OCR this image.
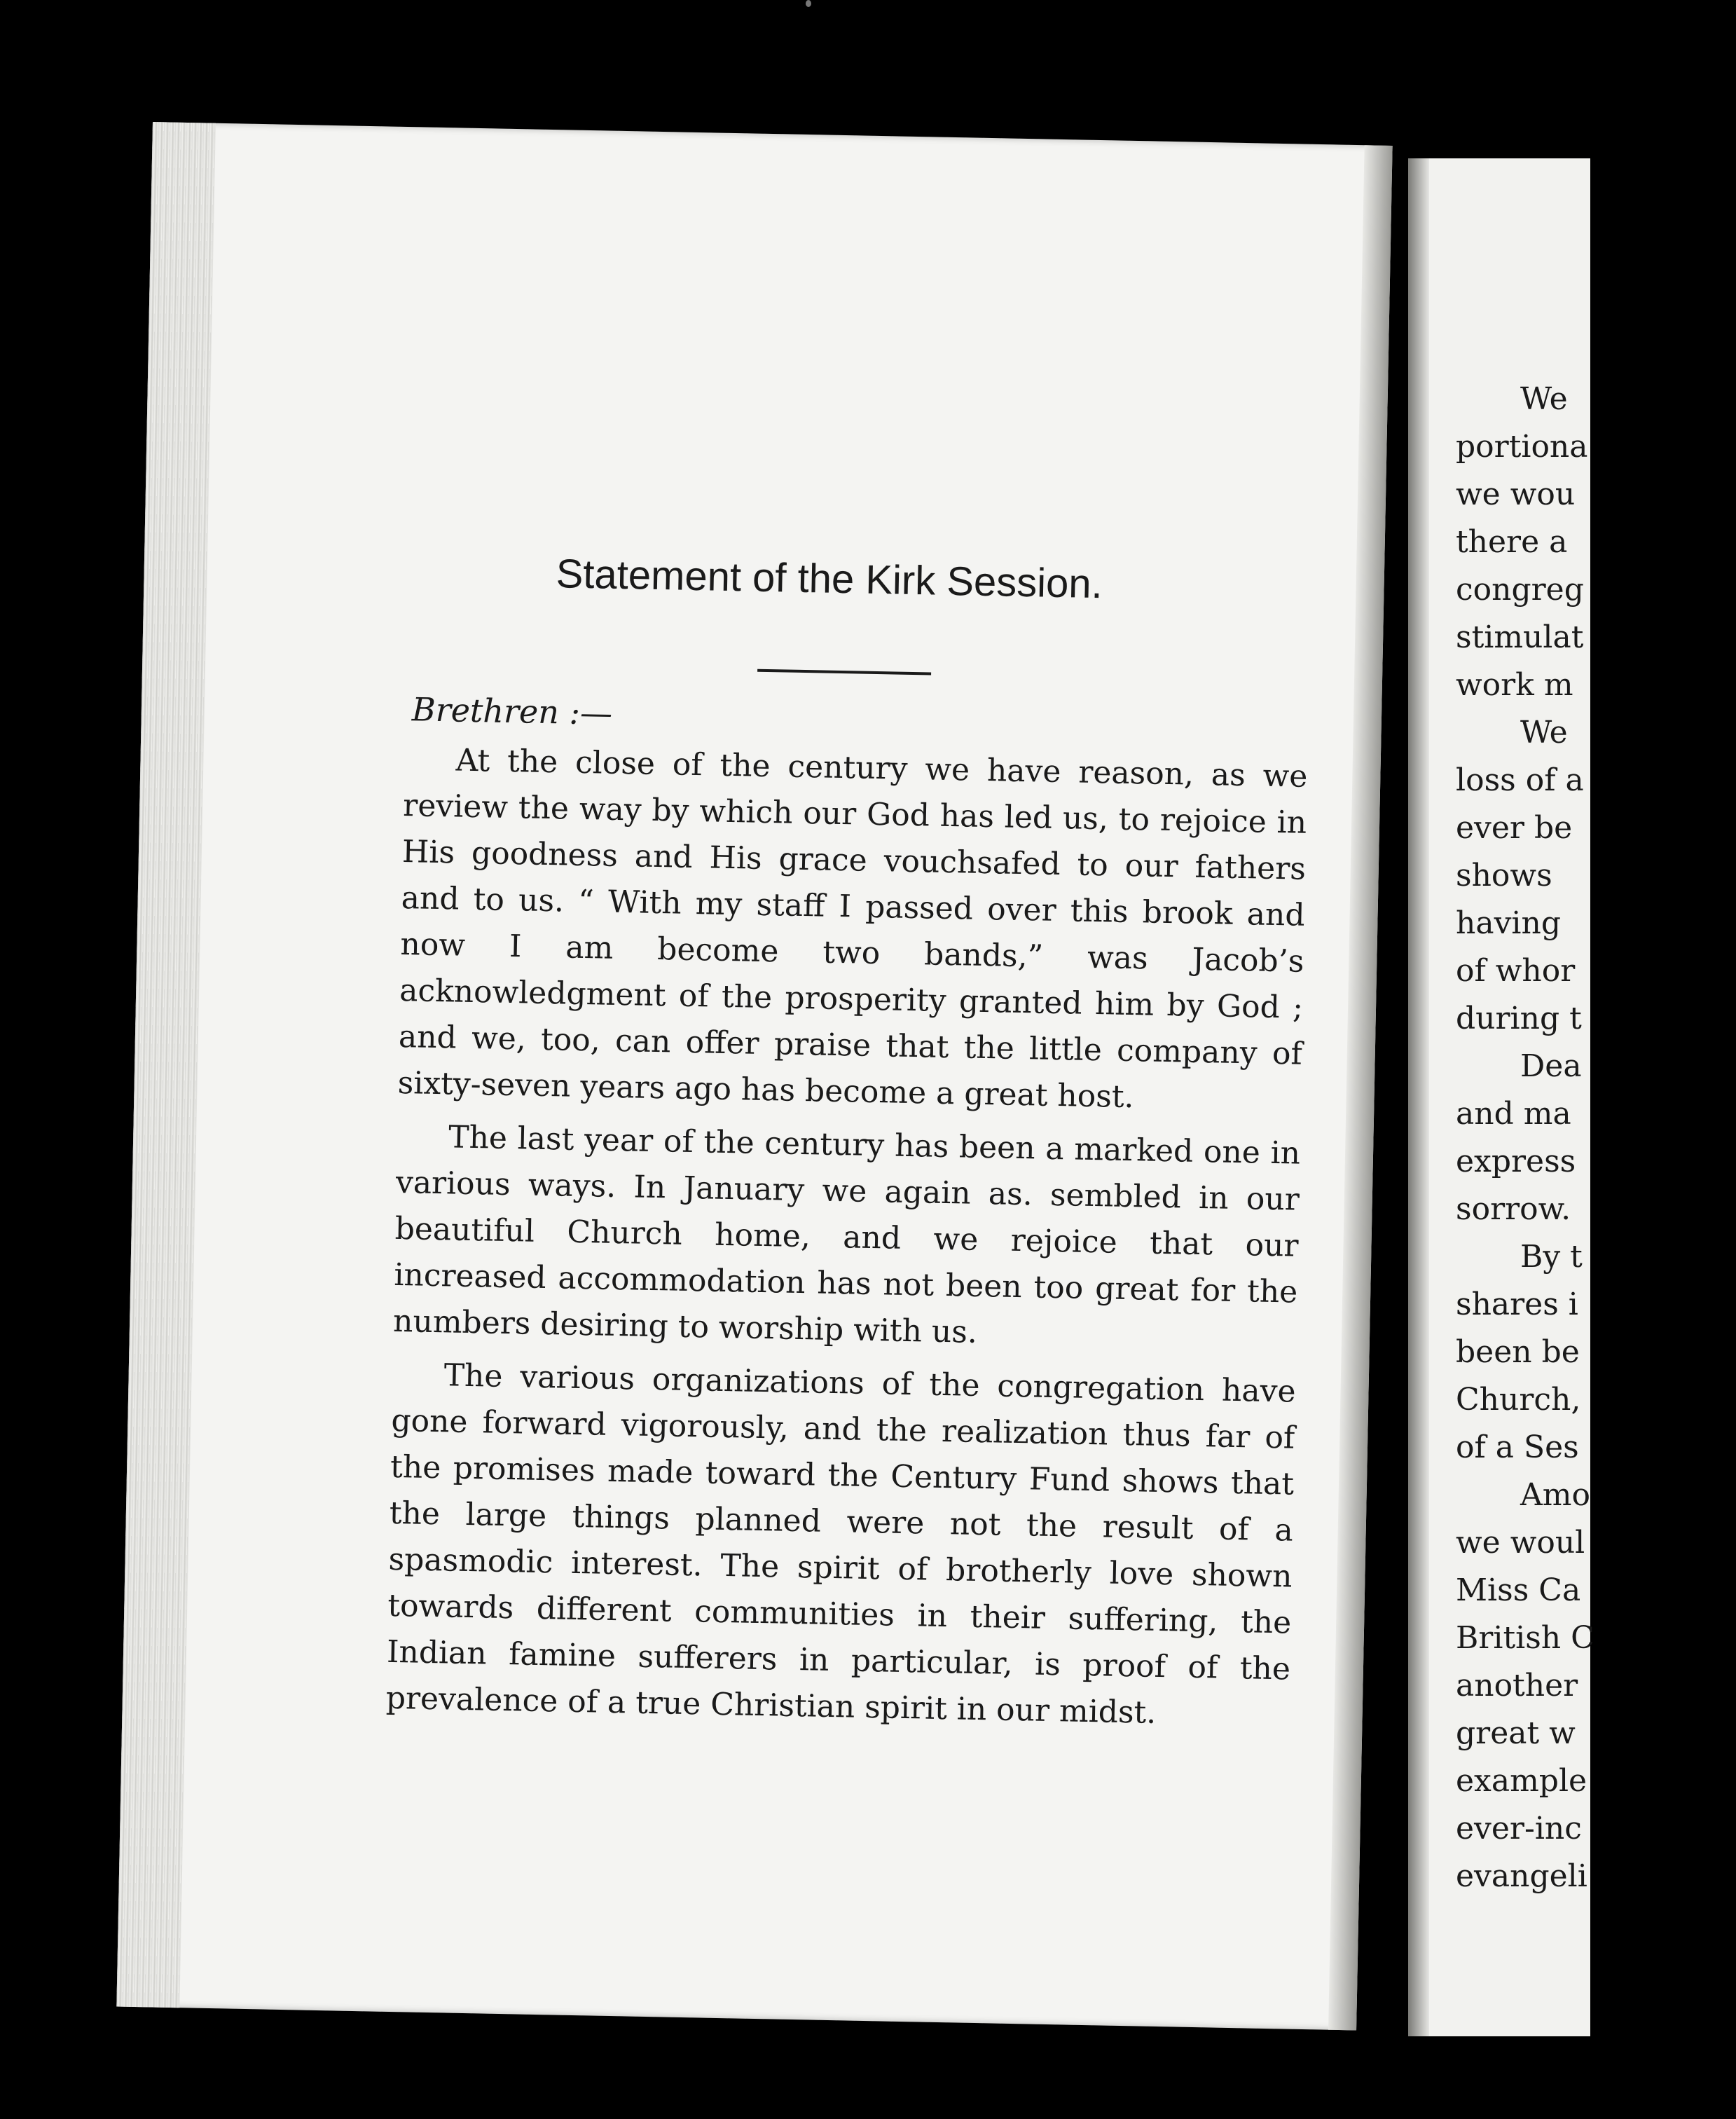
Statement of the Kirk Session.
Brethren :—

At the close of the century we have reason, as we review the way by which our God has led us, to rejoice in His goodness and His grace vouchsafed to our fathers and to us. “ With my staff I passed over this brook and now I am become two bands,” was Jacob’s acknowledgment of the prosperity granted him by God ; and we, too, can offer praise that the little company of sixty-seven years ago has become a great host.

The last year of the century has been a marked one in various ways. In January we again as. sembled in our beautiful Church home, and we rejoice that our increased accommodation has not been too great for the numbers desiring to worship with us.

The various organizations of the congregation have gone forward vigorously, and the realization thus far of the promises made toward the Century Fund shows that the large things planned were not the result of a spasmodic interest. The spirit of brotherly love shown towards different communities in their suffering, the Indian famine sufferers in particular, is proof of the prevalence of a true Christian spirit in our midst.

We
portiona
we wou
there a
congreg
stimulat
work m
We
loss of a
ever be
shows
having
of whor
during t
Dea
and ma
express
sorrow.
By t
shares i
been be
Church,
of a Ses
Amo
we woul
Miss Ca
British C
another
great w
example
ever-inc
evangeli
